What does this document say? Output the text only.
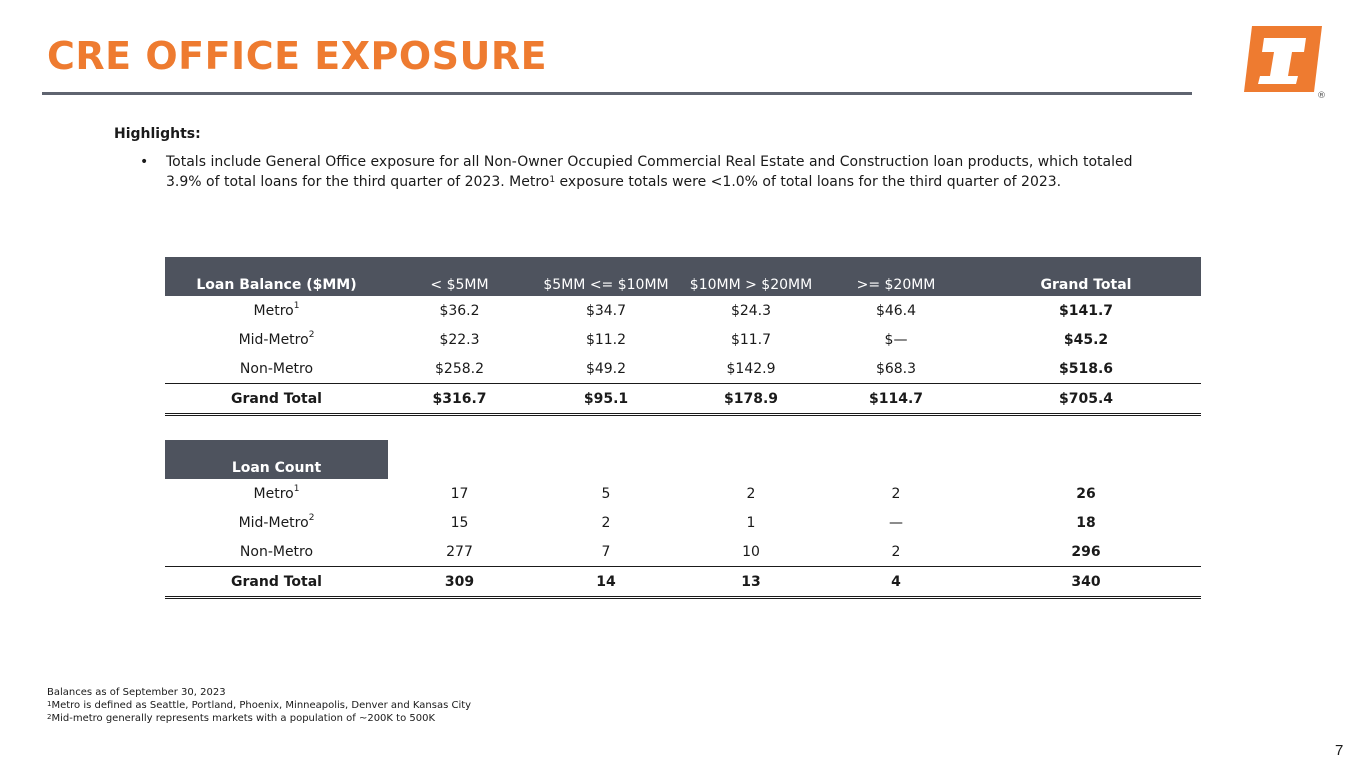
CRE OFFICE EXPOSURE
®
Highlights:
• Totals include General Office exposure for all Non-Owner Occupied Commercial Real Estate and Construction loan products, which totaled 3.9% of total loans for the third quarter of 2023. Metro$^1$ exposure totals were <1.0% of total loans for the third quarter of 2023.
Loan Balance ($MM)	< $5MM	$5MM <= $10MM	$10MM > $20MM	>= $20MM	Grand Total
Metro$^1$	$36.2	$34.7	$24.3	$46.4	$141.7
Mid-Metro$^2$	$22.3	$11.2	$11.7	$—	$45.2
Non-Metro	$258.2	$49.2	$142.9	$68.3	$518.6
Grand Total	$316.7	$95.1	$178.9	$114.7	$705.4
Loan Count					
Metro$^1$	17	5	2	2	26
Mid-Metro$^2$	15	2	1	—	18
Non-Metro	277	7	10	2	296
Grand Total	309	14	13	4	340
Balances as of September 30, 2023
$^1$Metro is defined as Seattle, Portland, Phoenix, Minneapolis, Denver and Kansas City
$^2$Mid-metro generally represents markets with a population of ~200K to 500K
7
